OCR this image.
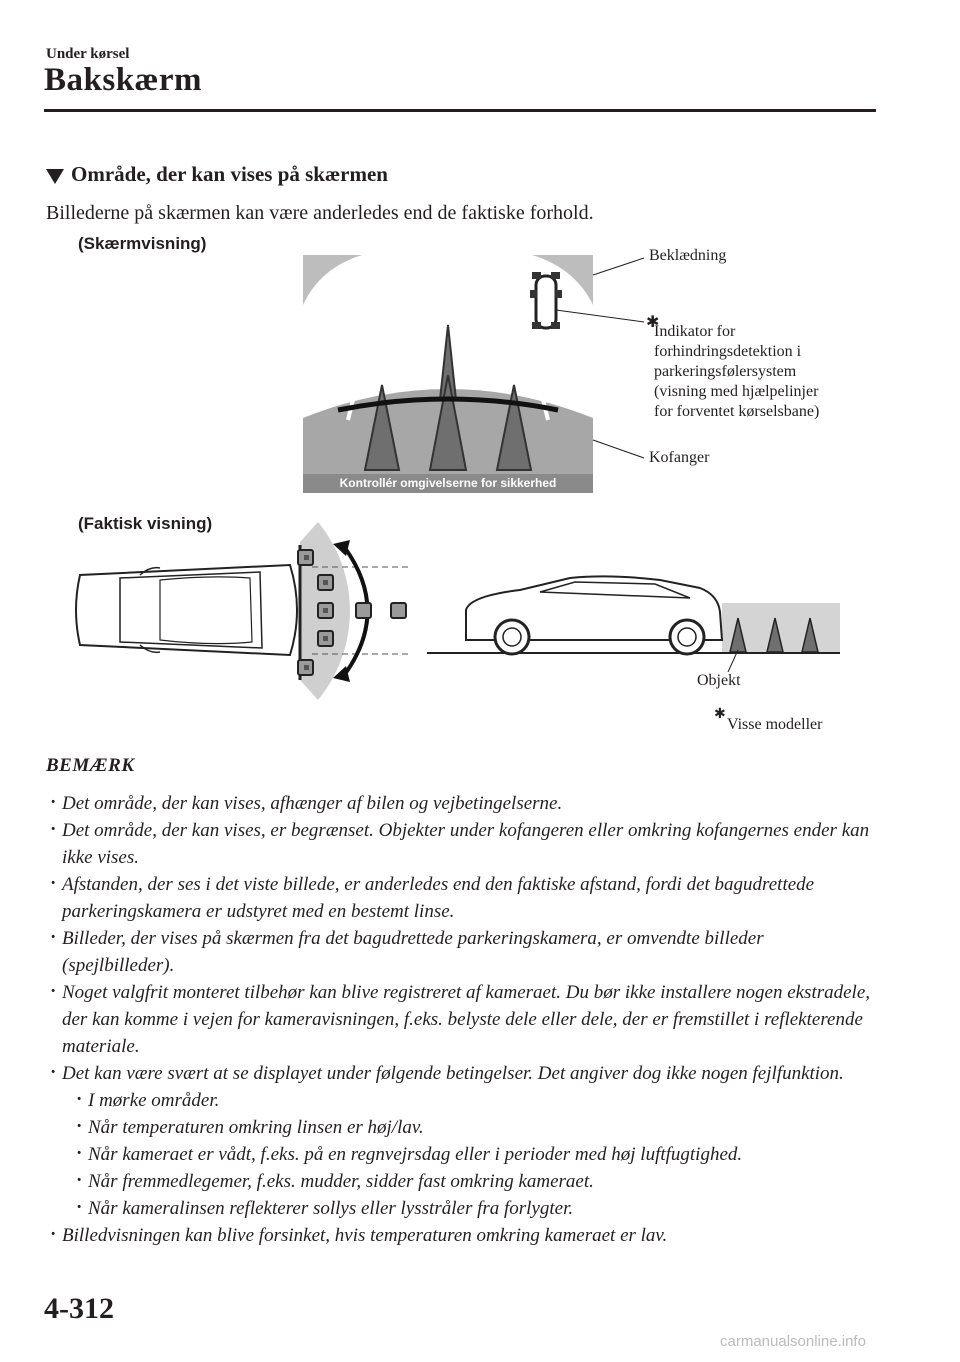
Under kørsel
Bakskærm
Område, der kan vises på skærmen
Billederne på skærmen kan være anderledes end de faktiske forhold.
(Skærmvisning)
Kontrollér omgivelserne for sikkerhed
Beklædning
✱
Indikator for
forhindringsdetektion i
parkeringsfølersystem
(visning med hjælpelinjer
for forventet kørselsbane)
Kofanger
(Faktisk visning)
Objekt
✱
Visse modeller
BEMÆRK
· Det område, der kan vises, afhænger af bilen og vejbetingelserne.
· Det område, der kan vises, er begrænset. Objekter under kofangeren eller omkring kofangernes ender kan ikke vises.
· Afstanden, der ses i det viste billede, er anderledes end den faktiske afstand, fordi det bagudrettede parkeringskamera er udstyret med en bestemt linse.
· Billeder, der vises på skærmen fra det bagudrettede parkeringskamera, er omvendte billeder (spejlbilleder).
· Noget valgfrit monteret tilbehør kan blive registreret af kameraet. Du bør ikke installere nogen ekstradele, der kan komme i vejen for kameravisningen, f.eks. belyste dele eller dele, der er fremstillet i reflekterende materiale.
· Det kan være svært at se displayet under følgende betingelser. Det angiver dog ikke nogen fejlfunktion.
· I mørke områder.
· Når temperaturen omkring linsen er høj/lav.
· Når kameraet er vådt, f.eks. på en regnvejrsdag eller i perioder med høj luftfugtighed.
· Når fremmedlegemer, f.eks. mudder, sidder fast omkring kameraet.
· Når kameralinsen reflekterer sollys eller lysstråler fra forlygter.
· Billedvisningen kan blive forsinket, hvis temperaturen omkring kameraet er lav.
4-312
carmanualsonline.info
